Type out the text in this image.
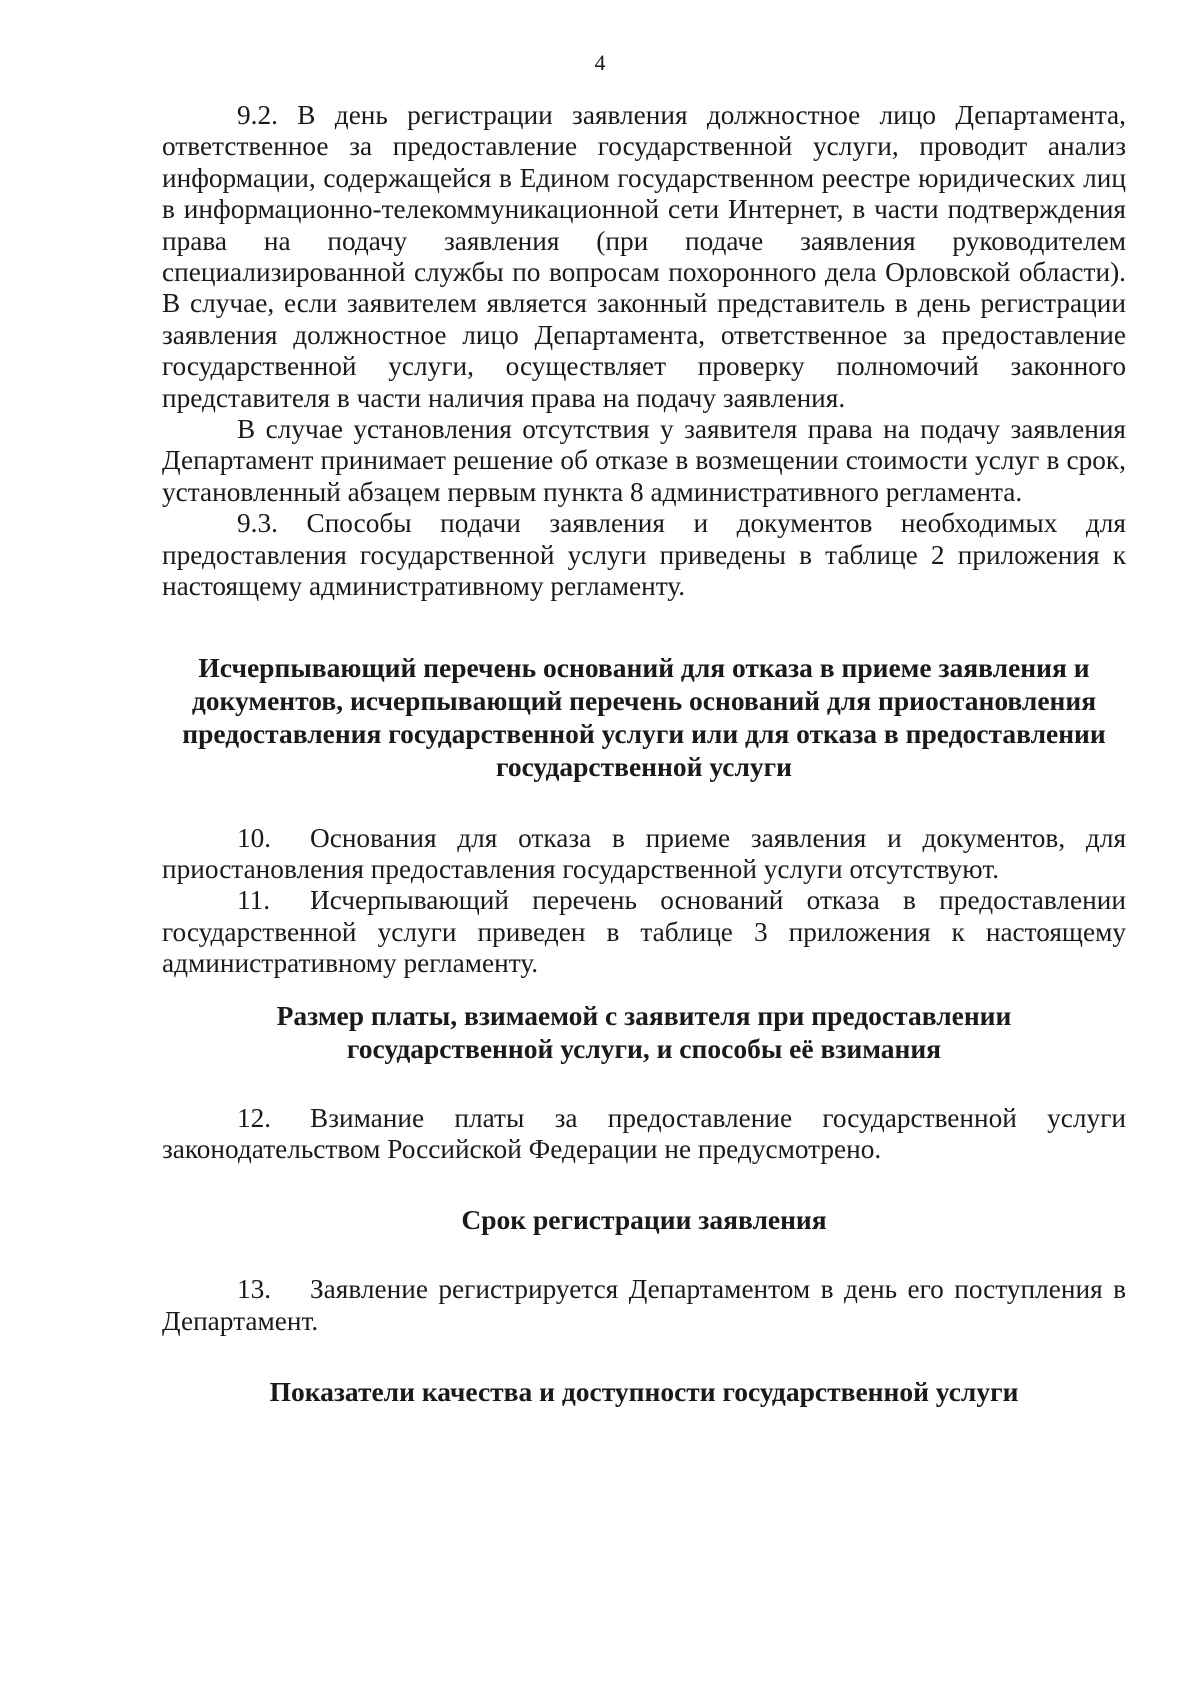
4

9.2. В день регистрации заявления должностное лицо Департамента, ответственное за предоставление государственной услуги, проводит анализ информации, содержащейся в Едином государственном реестре юридических лиц в информационно-телекоммуникационной сети Интернет, в части подтверждения права на подачу заявления (при подаче заявления руководителем специализированной службы по вопросам похоронного дела Орловской области). В случае, если заявителем является законный представитель в день регистрации заявления должностное лицо Департамента, ответственное за предоставление государственной услуги, осуществляет проверку полномочий законного представителя в части наличия права на подачу заявления.

В случае установления отсутствия у заявителя права на подачу заявления Департамент принимает решение об отказе в возмещении стоимости услуг в срок, установленный абзацем первым пункта 8 административного регламента.

9.3. Способы подачи заявления и документов необходимых для предоставления государственной услуги приведены в таблице 2 приложения к настоящему административному регламенту.

Исчерпывающий перечень оснований для отказа в приеме заявления и документов, исчерпывающий перечень оснований для приостановления предоставления государственной услуги или для отказа в предоставлении государственной услуги

10. Основания для отказа в приеме заявления и документов, для приостановления предоставления государственной услуги отсутствуют.

11. Исчерпывающий перечень оснований отказа в предоставлении государственной услуги приведен в таблице 3 приложения к настоящему административному регламенту.

Размер платы, взимаемой с заявителя при предоставлении государственной услуги, и способы её взимания

12. Взимание платы за предоставление государственной услуги законодательством Российской Федерации не предусмотрено.

Срок регистрации заявления

13. Заявление регистрируется Департаментом в день его поступления в Департамент.

Показатели качества и доступности государственной услуги
